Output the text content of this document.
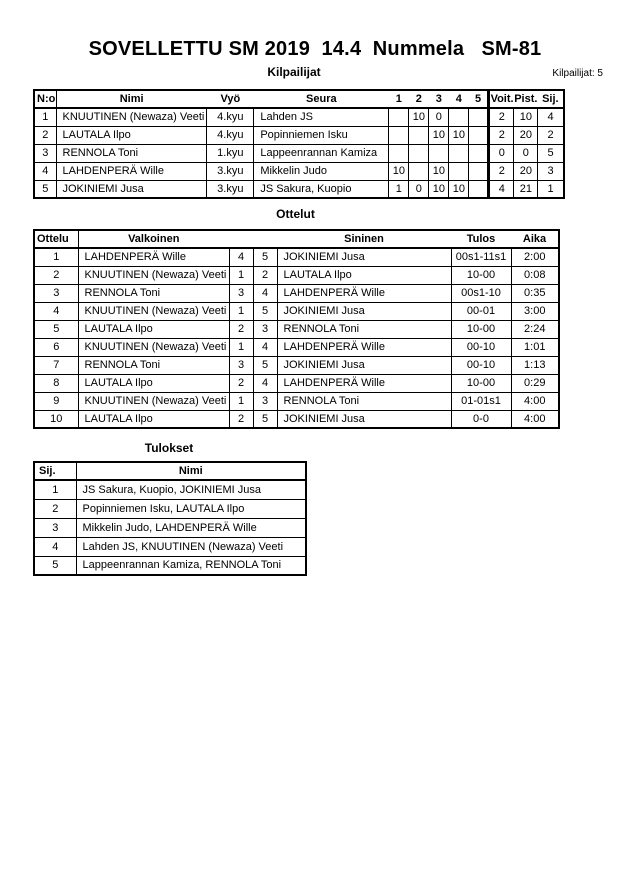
SOVELLETTU SM 2019  14.4  Nummela   SM-81
Kilpailijat	Kilpailijat: 5
N:o	Nimi	Vyö	Seura	1	2	3	4	5	Voit.	Pist.	Sij.
1	KNUUTINEN (Newaza) Veeti	4.kyu	Lahden JS		10	0			2	10	4
2	LAUTALA Ilpo	4.kyu	Popinniemen Isku			10	10		2	20	2
3	RENNOLA Toni	1.kyu	Lappeenrannan Kamiza						0	0	5
4	LAHDENPERÄ Wille	3.kyu	Mikkelin Judo	10		10			2	20	3
5	JOKINIEMI Jusa	3.kyu	JS Sakura, Kuopio	1	0	10	10		4	21	1
Ottelut
Ottelu	Valkoinen			Sininen	Tulos	Aika
1	LAHDENPERÄ Wille	4	5	JOKINIEMI Jusa	00s1-11s1	2:00
2	KNUUTINEN (Newaza) Veeti	1	2	LAUTALA Ilpo	10-00	0:08
3	RENNOLA Toni	3	4	LAHDENPERÄ Wille	00s1-10	0:35
4	KNUUTINEN (Newaza) Veeti	1	5	JOKINIEMI Jusa	00-01	3:00
5	LAUTALA Ilpo	2	3	RENNOLA Toni	10-00	2:24
6	KNUUTINEN (Newaza) Veeti	1	4	LAHDENPERÄ Wille	00-10	1:01
7	RENNOLA Toni	3	5	JOKINIEMI Jusa	00-10	1:13
8	LAUTALA Ilpo	2	4	LAHDENPERÄ Wille	10-00	0:29
9	KNUUTINEN (Newaza) Veeti	1	3	RENNOLA Toni	01-01s1	4:00
10	LAUTALA Ilpo	2	5	JOKINIEMI Jusa	0-0	4:00
Tulokset
Sij.	Nimi
1	JS Sakura, Kuopio, JOKINIEMI Jusa
2	Popinniemen Isku, LAUTALA Ilpo
3	Mikkelin Judo, LAHDENPERÄ Wille
4	Lahden JS, KNUUTINEN (Newaza) Veeti
5	Lappeenrannan Kamiza, RENNOLA Toni
